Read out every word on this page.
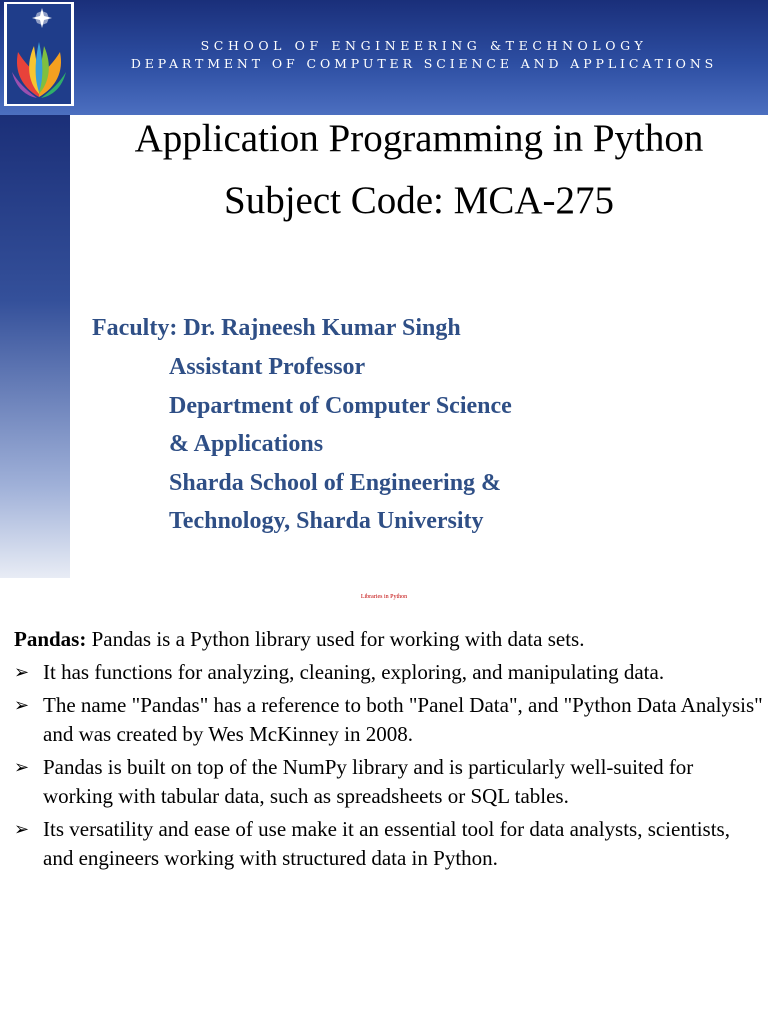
SCHOOL OF ENGINEERING &TECHNOLOGY
DEPARTMENT OF COMPUTER SCIENCE AND APPLICATIONS
Application Programming in Python
Subject Code: MCA-275
Faculty: Dr. Rajneesh Kumar Singh
Assistant Professor
Department of Computer Science
& Applications
Sharda School of Engineering &
Technology, Sharda University
Libraries in Python
Pandas: Pandas is a Python library used for working with data sets.
➢ It has functions for analyzing, cleaning, exploring, and manipulating data.
➢ The name "Pandas" has a reference to both "Panel Data", and "Python Data Analysis" and was created by Wes McKinney in 2008.
➢ Pandas is built on top of the NumPy library and is particularly well-suited for working with tabular data, such as spreadsheets or SQL tables.
➢ Its versatility and ease of use make it an essential tool for data analysts, scientists, and engineers working with structured data in Python.
